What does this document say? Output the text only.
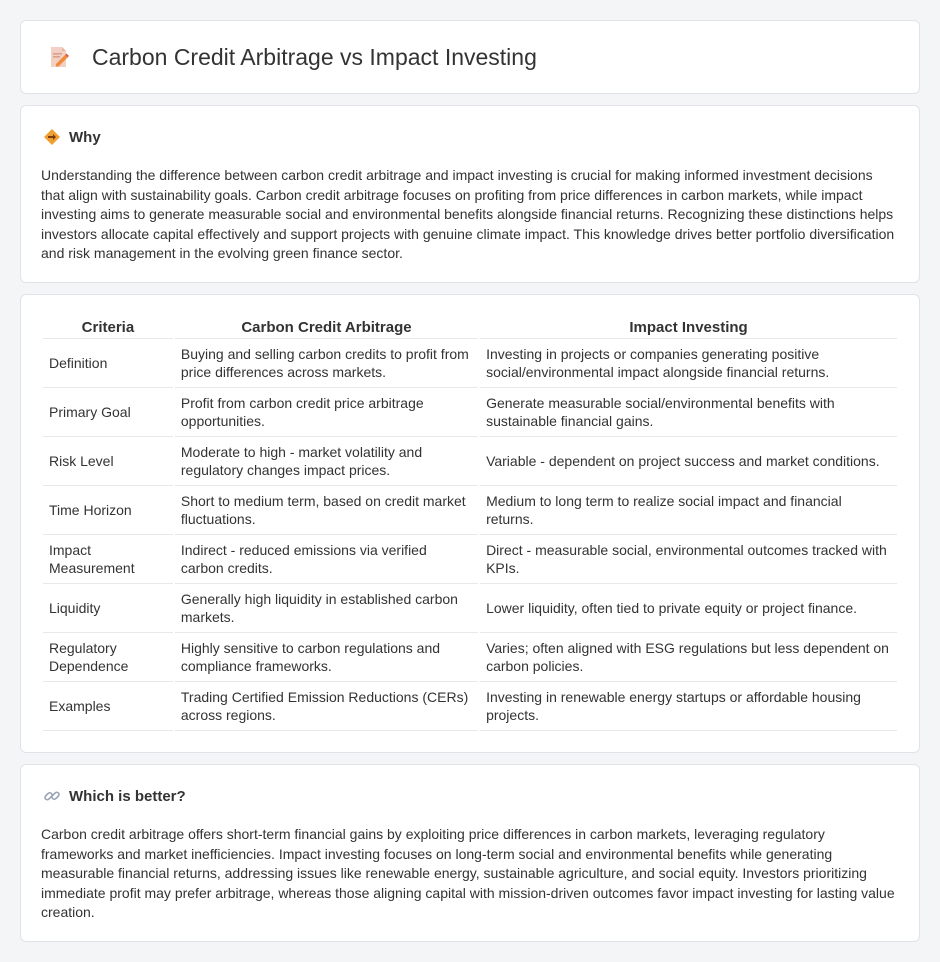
Carbon Credit Arbitrage vs Impact Investing
Why

Understanding the difference between carbon credit arbitrage and impact investing is crucial for making informed investment decisions that align with sustainability goals. Carbon credit arbitrage focuses on profiting from price differences in carbon markets, while impact investing aims to generate measurable social and environmental benefits alongside financial returns. Recognizing these distinctions helps investors allocate capital effectively and support projects with genuine climate impact. This knowledge drives better portfolio diversification and risk management in the evolving green finance sector.

Criteria	Carbon Credit Arbitrage	Impact Investing
Definition	Buying and selling carbon credits to profit from price differences across markets.	Investing in projects or companies generating positive social/environmental impact alongside financial returns.
Primary Goal	Profit from carbon credit price arbitrage opportunities.	Generate measurable social/environmental benefits with sustainable financial gains.
Risk Level	Moderate to high - market volatility and regulatory changes impact prices.	Variable - dependent on project success and market conditions.
Time Horizon	Short to medium term, based on credit market fluctuations.	Medium to long term to realize social impact and financial returns.
Impact Measurement	Indirect - reduced emissions via verified carbon credits.	Direct - measurable social, environmental outcomes tracked with KPIs.
Liquidity	Generally high liquidity in established carbon markets.	Lower liquidity, often tied to private equity or project finance.
Regulatory Dependence	Highly sensitive to carbon regulations and compliance frameworks.	Varies; often aligned with ESG regulations but less dependent on carbon policies.
Examples	Trading Certified Emission Reductions (CERs) across regions.	Investing in renewable energy startups or affordable housing projects.
Which is better?

Carbon credit arbitrage offers short-term financial gains by exploiting price differences in carbon markets, leveraging regulatory frameworks and market inefficiencies. Impact investing focuses on long-term social and environmental benefits while generating measurable financial returns, addressing issues like renewable energy, sustainable agriculture, and social equity. Investors prioritizing immediate profit may prefer arbitrage, whereas those aligning capital with mission-driven outcomes favor impact investing for lasting value creation.
